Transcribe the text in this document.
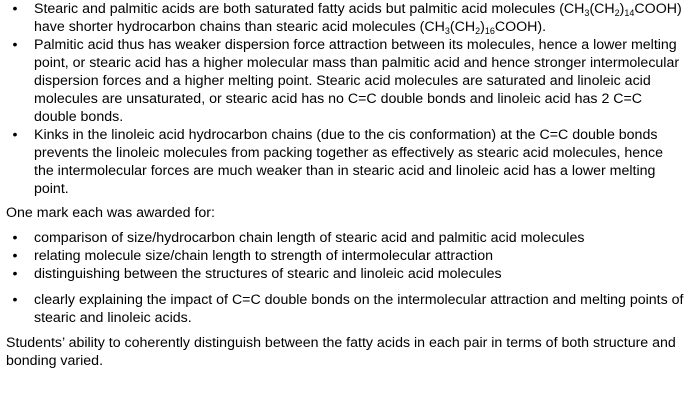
• Stearic and palmitic acids are both saturated fatty acids but palmitic acid molecules $(CH_3(CH_2)_{14}COOH)$ have shorter hydrocarbon chains than stearic acid molecules $(CH_3(CH_2)_{16}COOH)$.
• Palmitic acid thus has weaker dispersion force attraction between its molecules, hence a lower melting point, or stearic acid has a higher molecular mass than palmitic acid and hence stronger intermolecular dispersion forces and a higher melting point. Stearic acid molecules are saturated and linoleic acid molecules are unsaturated, or stearic acid has no C=C double bonds and linoleic acid has 2 C=C double bonds.
• Kinks in the linoleic acid hydrocarbon chains (due to the cis conformation) at the C=C double bonds prevents the linoleic molecules from packing together as effectively as stearic acid molecules, hence the intermolecular forces are much weaker than in stearic acid and linoleic acid has a lower melting point.

One mark each was awarded for:

• comparison of size/hydrocarbon chain length of stearic acid and palmitic acid molecules
• relating molecule size/chain length to strength of intermolecular attraction
• distinguishing between the structures of stearic and linoleic acid molecules
• clearly explaining the impact of C=C double bonds on the intermolecular attraction and melting points of stearic and linoleic acids.

Students’ ability to coherently distinguish between the fatty acids in each pair in terms of both structure and bonding varied.
